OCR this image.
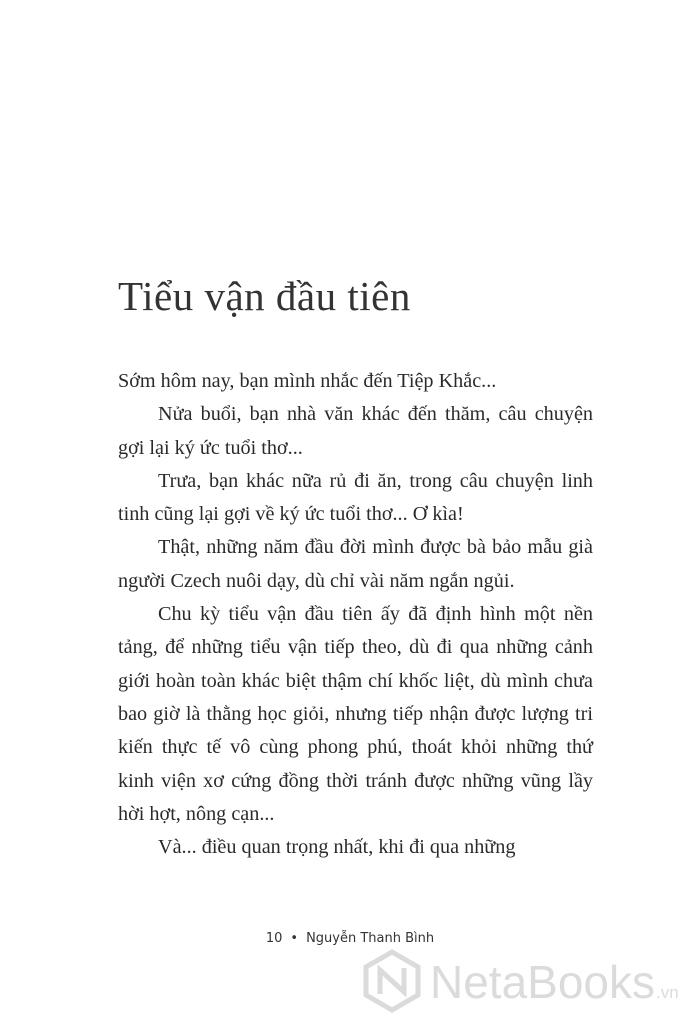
Tiểu vận đầu tiên

Sớm hôm nay, bạn mình nhắc đến Tiệp Khắc...

Nửa buổi, bạn nhà văn khác đến thăm, câu chuyện gợi lại ký ức tuổi thơ...

Trưa, bạn khác nữa rủ đi ăn, trong câu chuyện linh tinh cũng lại gợi về ký ức tuổi thơ... Ơ kìa!

Thật, những năm đầu đời mình được bà bảo mẫu già người Czech nuôi dạy, dù chỉ vài năm ngắn ngủi.

Chu kỳ tiểu vận đầu tiên ấy đã định hình một nền tảng, để những tiểu vận tiếp theo, dù đi qua những cảnh giới hoàn toàn khác biệt thậm chí khốc liệt, dù mình chưa bao giờ là thằng học giỏi, nhưng tiếp nhận được lượng tri kiến thực tế vô cùng phong phú, thoát khỏi những thứ kinh viện xơ cứng đồng thời tránh được những vũng lầy hời hợt, nông cạn...

Và... điều quan trọng nhất, khi đi qua những

10 • Nguyễn Thanh Bình
NetaBooks .vn
